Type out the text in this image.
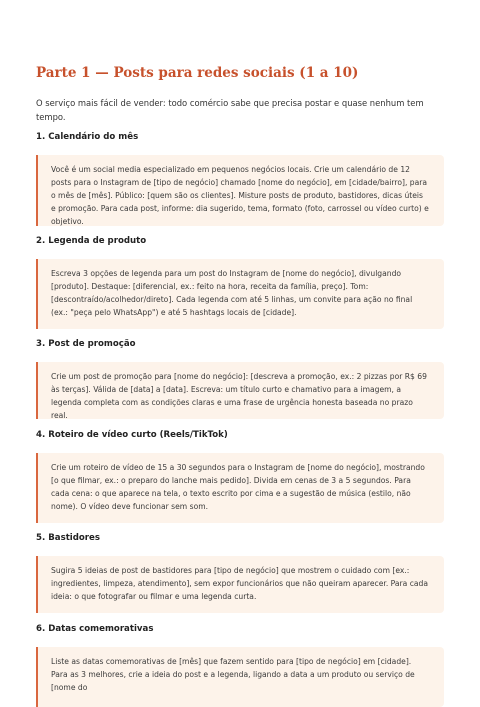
Parte 1 — Posts para redes sociais (1 a 10)

O serviço mais fácil de vender: todo comércio sabe que precisa postar e quase nenhum tem tempo.

1. Calendário do mês
Você é um social media especializado em pequenos negócios locais. Crie um calendário de 12 posts para o Instagram de [tipo de negócio] chamado [nome do negócio], em [cidade/bairro], para o mês de [mês]. Público: [quem são os clientes]. Misture posts de produto, bastidores, dicas úteis e promoção. Para cada post, informe: dia sugerido, tema, formato (foto, carrossel ou vídeo curto) e objetivo.
2. Legenda de produto
Escreva 3 opções de legenda para um post do Instagram de [nome do negócio], divulgando [produto]. Destaque: [diferencial, ex.: feito na hora, receita da família, preço]. Tom: [descontraído/acolhedor/direto]. Cada legenda com até 5 linhas, um convite para ação no final (ex.: "peça pelo WhatsApp") e até 5 hashtags locais de [cidade].
3. Post de promoção
Crie um post de promoção para [nome do negócio]: [descreva a promoção, ex.: 2 pizzas por R$ 69 às terças]. Válida de [data] a [data]. Escreva: um título curto e chamativo para a imagem, a legenda completa com as condições claras e uma frase de urgência honesta baseada no prazo real.
4. Roteiro de vídeo curto (Reels/TikTok)
Crie um roteiro de vídeo de 15 a 30 segundos para o Instagram de [nome do negócio], mostrando [o que filmar, ex.: o preparo do lanche mais pedido]. Divida em cenas de 3 a 5 segundos. Para cada cena: o que aparece na tela, o texto escrito por cima e a sugestão de música (estilo, não nome). O vídeo deve funcionar sem som.
5. Bastidores
Sugira 5 ideias de post de bastidores para [tipo de negócio] que mostrem o cuidado com [ex.: ingredientes, limpeza, atendimento], sem expor funcionários que não queiram aparecer. Para cada ideia: o que fotografar ou filmar e uma legenda curta.
6. Datas comemorativas
Liste as datas comemorativas de [mês] que fazem sentido para [tipo de negócio] em [cidade]. Para as 3 melhores, crie a ideia do post e a legenda, ligando a data a um produto ou serviço de [nome do
